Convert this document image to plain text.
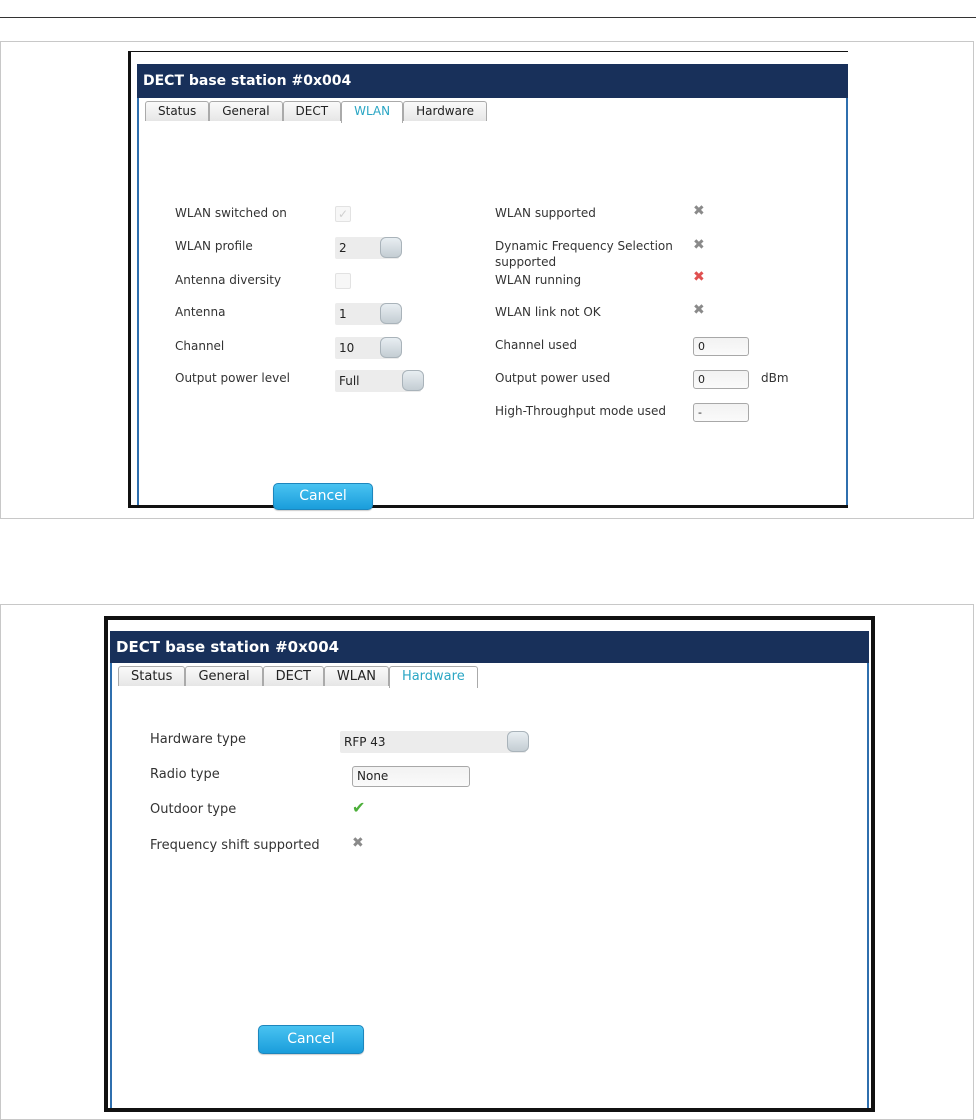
DECT base station #0x004
Status	General	DECT	WLAN	Hardware
WLAN switched on	✓
WLAN profile	2
Antenna diversity
Antenna	1
Channel	10
Output power level	Full
WLAN supported	✖
Dynamic Frequency Selection
supported
✖
WLAN running	✖
WLAN link not OK	✖
Channel used	0
Output power used	0	dBm
High-Throughput mode used	-
Cancel
DECT base station #0x004
Status	General	DECT	WLAN	Hardware
Hardware type	RFP 43
Radio type	None
Outdoor type	✔
Frequency shift supported ✖
Cancel
